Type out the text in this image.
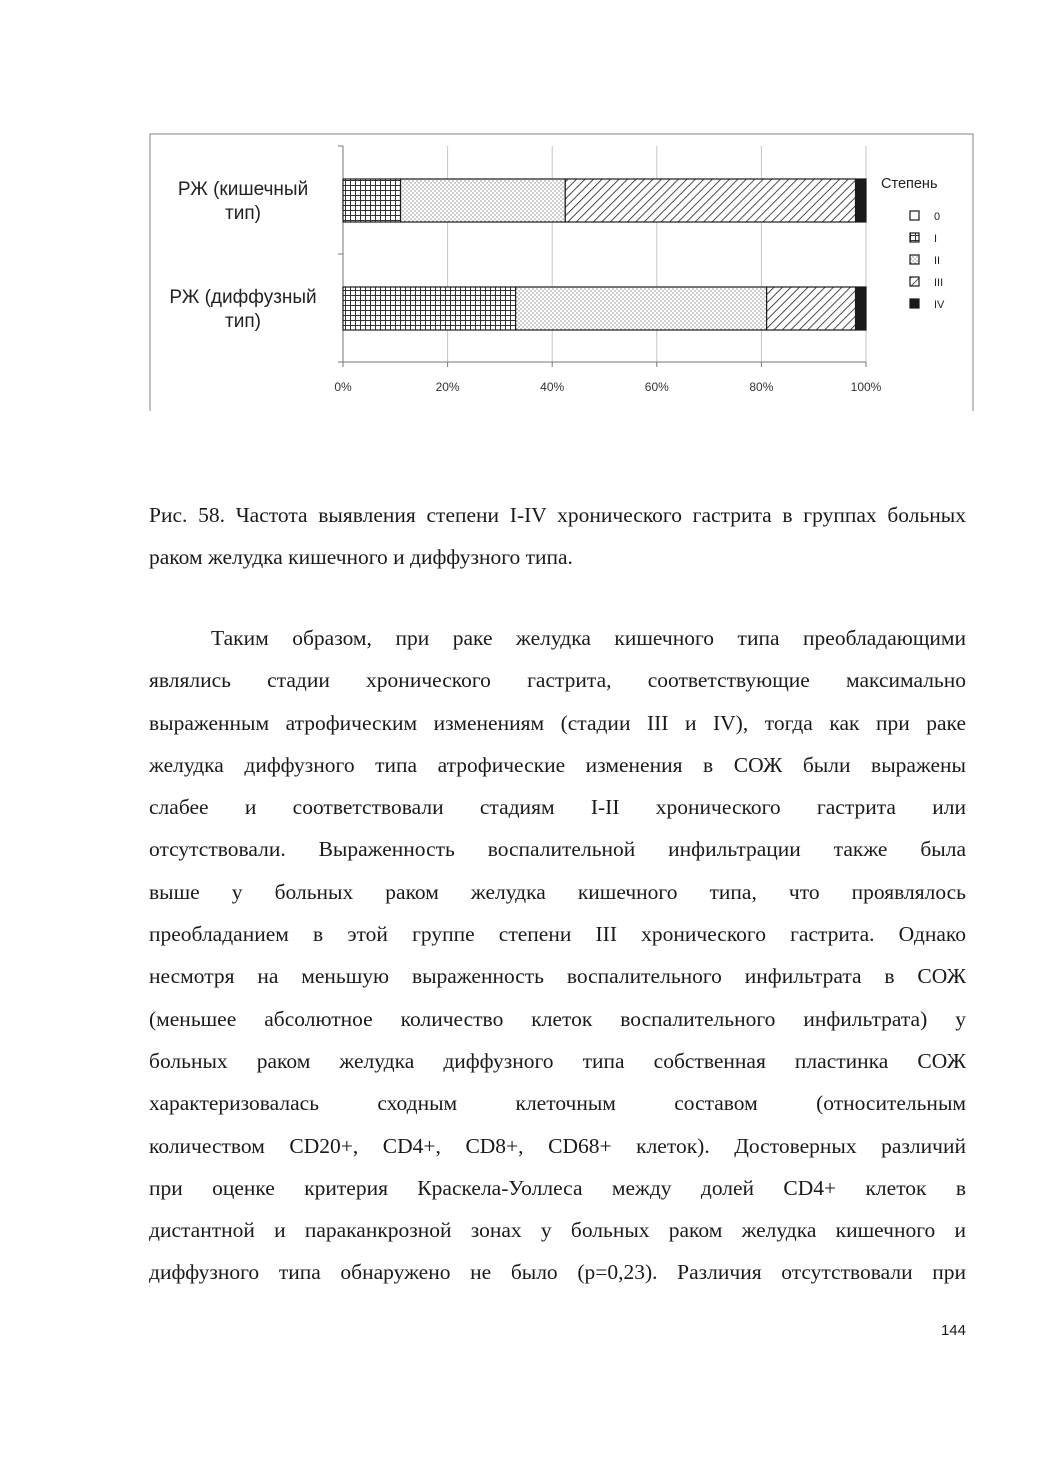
0%	20%	40%	60%	80%	100%
РЖ (кишечный
тип)
РЖ (диффузный
тип)
Степень
0
I
II
III
IV
Рис. 58. Частота выявления степени I-IV хронического гастрита в группах больных раком желудка кишечного и диффузного типа.
Таким образом, при раке желудка кишечного типа преобладающими
являлись стадии хронического гастрита, соответствующие максимально
выраженным атрофическим изменениям (стадии III и IV), тогда как при раке
желудка диффузного типа атрофические изменения в СОЖ были выражены
слабее и соответствовали стадиям I-II хронического гастрита или
отсутствовали. Выраженность воспалительной инфильтрации также была
выше у больных раком желудка кишечного типа, что проявлялось
преобладанием в этой группе степени III хронического гастрита. Однако
несмотря на меньшую выраженность воспалительного инфильтрата в СОЖ
(меньшее абсолютное количество клеток воспалительного инфильтрата) у
больных раком желудка диффузного типа собственная пластинка СОЖ
характеризовалась сходным клеточным составом (относительным
количеством CD20+, CD4+, CD8+, CD68+ клеток). Достоверных различий
при оценке критерия Краскела-Уоллеса между долей CD4+ клеток в
дистантной и параканкрозной зонах у больных раком желудка кишечного и
диффузного типа обнаружено не было (р=0,23). Различия отсутствовали при
144
